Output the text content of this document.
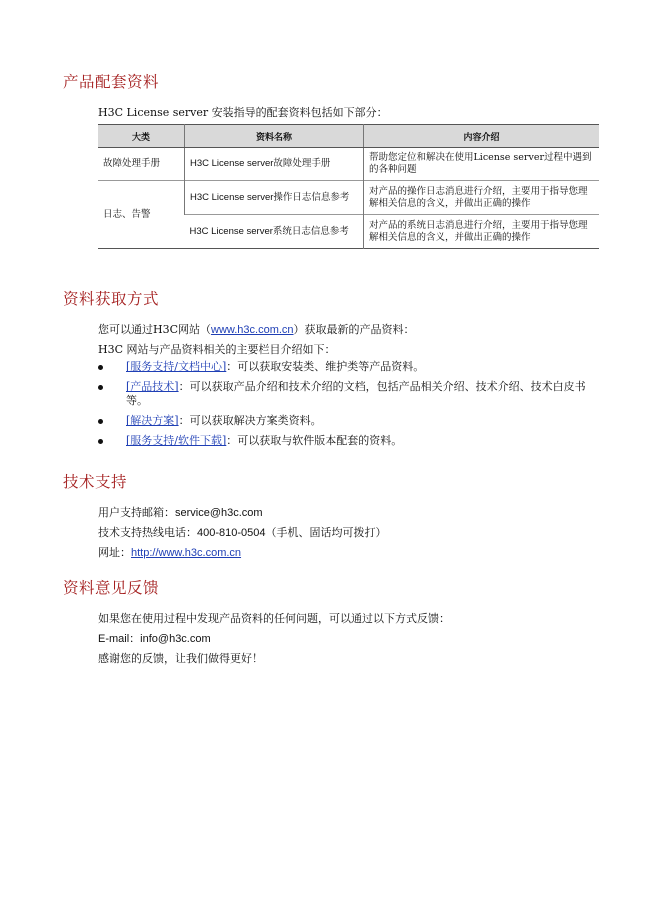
产品配套资料

H3C License server 安装指导的配套资料包括如下部分：

大类	资料名称	内容介绍

故障处理手册	H3C License server故障处理手册	帮助您定位和解决在使用License server过程中遇到的各种问题

日志、告警	H3C License server操作日志信息参考	对产品的操作日志消息进行介绍，主要用于指导您理解相关信息的含义，并做出正确的操作

	H3C License server系统日志信息参考	对产品的系统日志消息进行介绍，主要用于指导您理解相关信息的含义，并做出正确的操作
资料获取方式

您可以通过H3C网站（www.h3c.com.cn）获取最新的产品资料：

H3C 网站与产品资料相关的主要栏目介绍如下：

[服务支持/文档中心]：可以获取安装类、维护类等产品资料。
[产品技术]：可以获取产品介绍和技术介绍的文档，包括产品相关介绍、技术介绍、技术白皮书等。
[解决方案]：可以获取解决方案类资料。
[服务支持/软件下载]：可以获取与软件版本配套的资料。
技术支持

用户支持邮箱：service@h3c.com

技术支持热线电话：400-810-0504（手机、固话均可拨打）

网址：http://www.h3c.com.cn

资料意见反馈

如果您在使用过程中发现产品资料的任何问题，可以通过以下方式反馈：

E-mail：info@h3c.com

感谢您的反馈，让我们做得更好！
